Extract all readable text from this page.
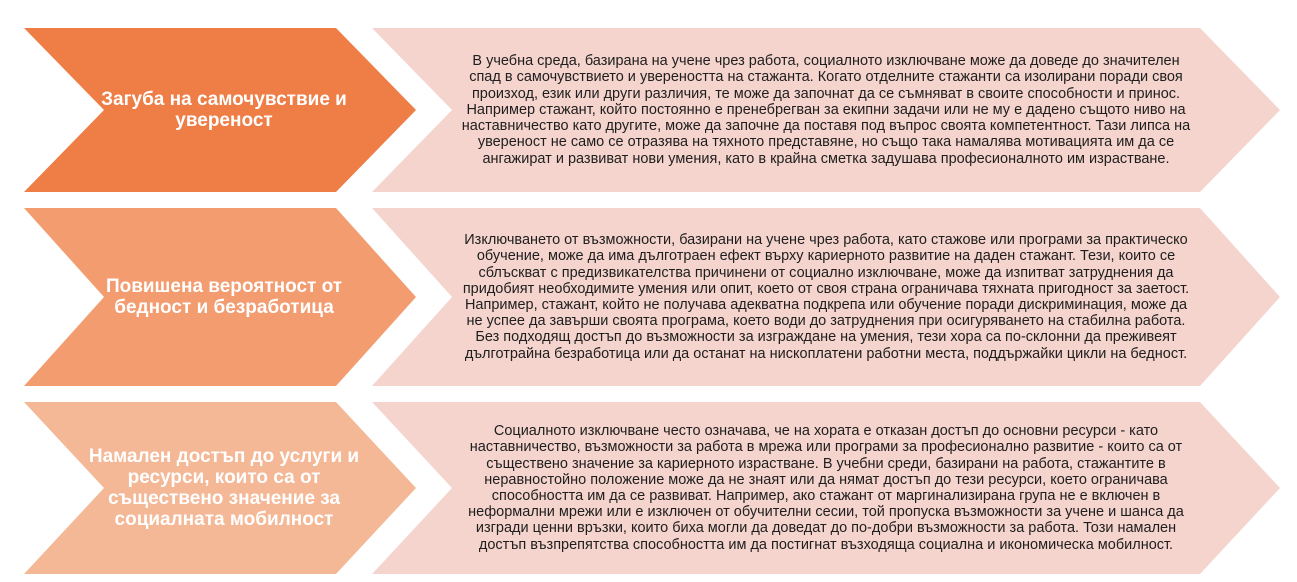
Загуба на самочувствие и увереност
В учебна среда, базирана на учене чрез работа, социалното изключване може да доведе до значителен спад в самочувствието и увереността на стажанта. Когато отделните стажанти са изолирани поради своя произход, език или други различия, те може да започнат да се съмняват в своите способности и принос. Например стажант, който постоянно е пренебрегван за екипни задачи или не му е дадено същото ниво на наставничество като другите, може да започне да поставя под въпрос своята компетентност. Тази липса на увереност не само се отразява на тяхното представяне, но също така намалява мотивацията им да се ангажират и развиват нови умения, като в крайна сметка задушава професионалното им израстване.
Повишена вероятност от бедност и безработица
Изключването от възможности, базирани на учене чрез работа, като стажове или програми за практическо обучение, може да има дълготраен ефект върху кариерното развитие на даден стажант. Тези, които се сблъскват с предизвикателства причинени от социално изключване, може да изпитват затруднения да придобият необходимите умения или опит, което от своя страна ограничава тяхната пригодност за заетост. Например, стажант, който не получава адекватна подкрепа или обучение поради дискриминация, може да не успее да завърши своята програма, което води до затруднения при осигуряването на стабилна работа. Без подходящ достъп до възможности за изграждане на умения, тези хора са по-склонни да преживеят дълготрайна безработица или да останат на нископлатени работни места, поддържайки цикли на бедност.
Намален достъп до услуги и ресурси, които са от съществено значение за социалната мобилност
Социалното изключване често означава, че на хората е отказан достъп до основни ресурси - като наставничество, възможности за работа в мрежа или програми за професионално развитие - които са от съществено значение за кариерното израстване. В учебни среди, базирани на работа, стажантите в неравностойно положение може да не знаят или да нямат достъп до тези ресурси, което ограничава способността им да се развиват. Например, ако стажант от маргинализирана група не е включен в неформални мрежи или е изключен от обучителни сесии, той пропуска възможности за учене и шанса да изгради ценни връзки, които биха могли да доведат до по-добри възможности за работа. Този намален достъп възпрепятства способността им да постигнат възходяща социална и икономическа мобилност.
